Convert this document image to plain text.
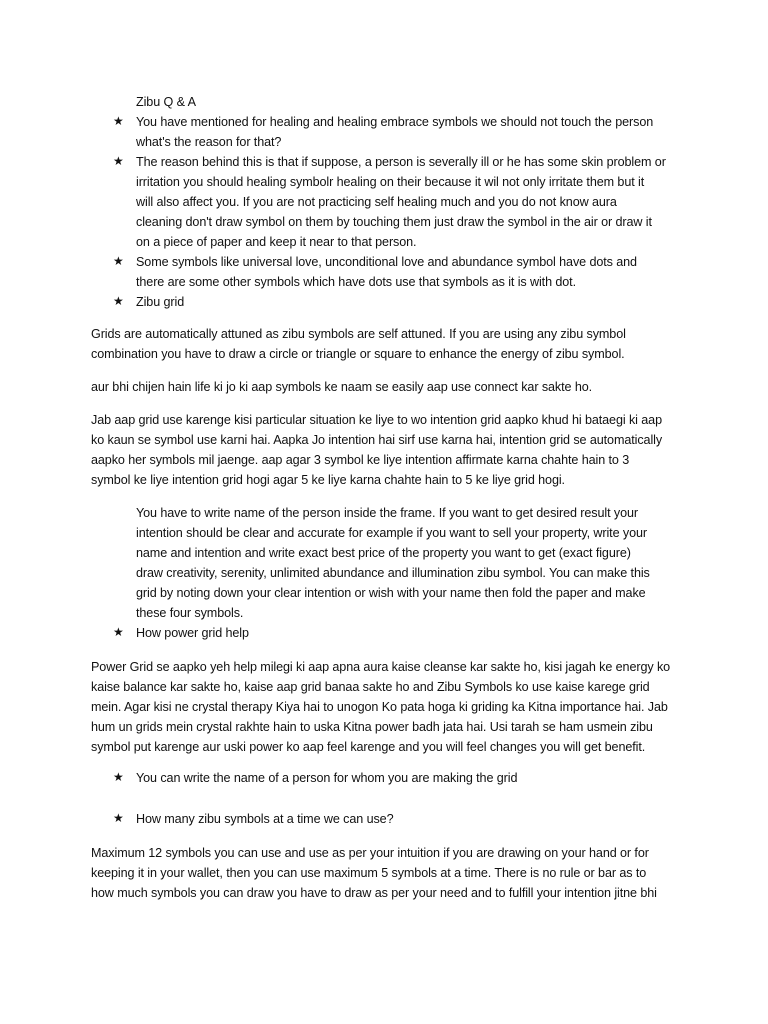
Zibu Q & A
★ You have mentioned for healing and healing embrace symbols we should not touch the person
what's the reason for that?
★ The reason behind this is that if suppose, a person is severally ill or he has some skin problem or
irritation you should healing symbolr healing on their because it wil not only irritate them but it
will also affect you. If you are not practicing self healing much and you do not know aura
cleaning don't draw symbol on them by touching them just draw the symbol in the air or draw it
on a piece of paper and keep it near to that person.
★ Some symbols like universal love, unconditional love and abundance symbol have dots and
there are some other symbols which have dots use that symbols as it is with dot.
★ Zibu grid
Grids are automatically attuned as zibu symbols are self attuned. If you are using any zibu symbol
combination you have to draw a circle or triangle or square to enhance the energy of zibu symbol.
aur bhi chijen hain life ki jo ki aap symbols ke naam se easily aap use connect kar sakte ho.
Jab aap grid use karenge kisi particular situation ke liye to wo intention grid aapko khud hi bataegi ki aap
ko kaun se symbol use karni hai. Aapka Jo intention hai sirf use karna hai, intention grid se automatically
aapko her symbols mil jaenge. aap agar 3 symbol ke liye intention affirmate karna chahte hain to 3
symbol ke liye intention grid hogi agar 5 ke liye karna chahte hain to 5 ke liye grid hogi.
You have to write name of the person inside the frame. If you want to get desired result your
intention should be clear and accurate for example if you want to sell your property, write your
name and intention and write exact best price of the property you want to get (exact figure)
draw creativity, serenity, unlimited abundance and illumination zibu symbol. You can make this
grid by noting down your clear intention or wish with your name then fold the paper and make
these four symbols.
★ How power grid help
Power Grid se aapko yeh help milegi ki aap apna aura kaise cleanse kar sakte ho, kisi jagah ke energy ko
kaise balance kar sakte ho, kaise aap grid banaa sakte ho and Zibu Symbols ko use kaise karege grid
mein. Agar kisi ne crystal therapy Kiya hai to unogon Ko pata hoga ki griding ka Kitna importance hai. Jab
hum un grids mein crystal rakhte hain to uska Kitna power badh jata hai. Usi tarah se ham usmein zibu
symbol put karenge aur uski power ko aap feel karenge and you will feel changes you will get benefit.
★ You can write the name of a person for whom you are making the grid
★ How many zibu symbols at a time we can use?
Maximum 12 symbols you can use and use as per your intuition if you are drawing on your hand or for
keeping it in your wallet, then you can use maximum 5 symbols at a time. There is no rule or bar as to
how much symbols you can draw you have to draw as per your need and to fulfill your intention jitne bhi
